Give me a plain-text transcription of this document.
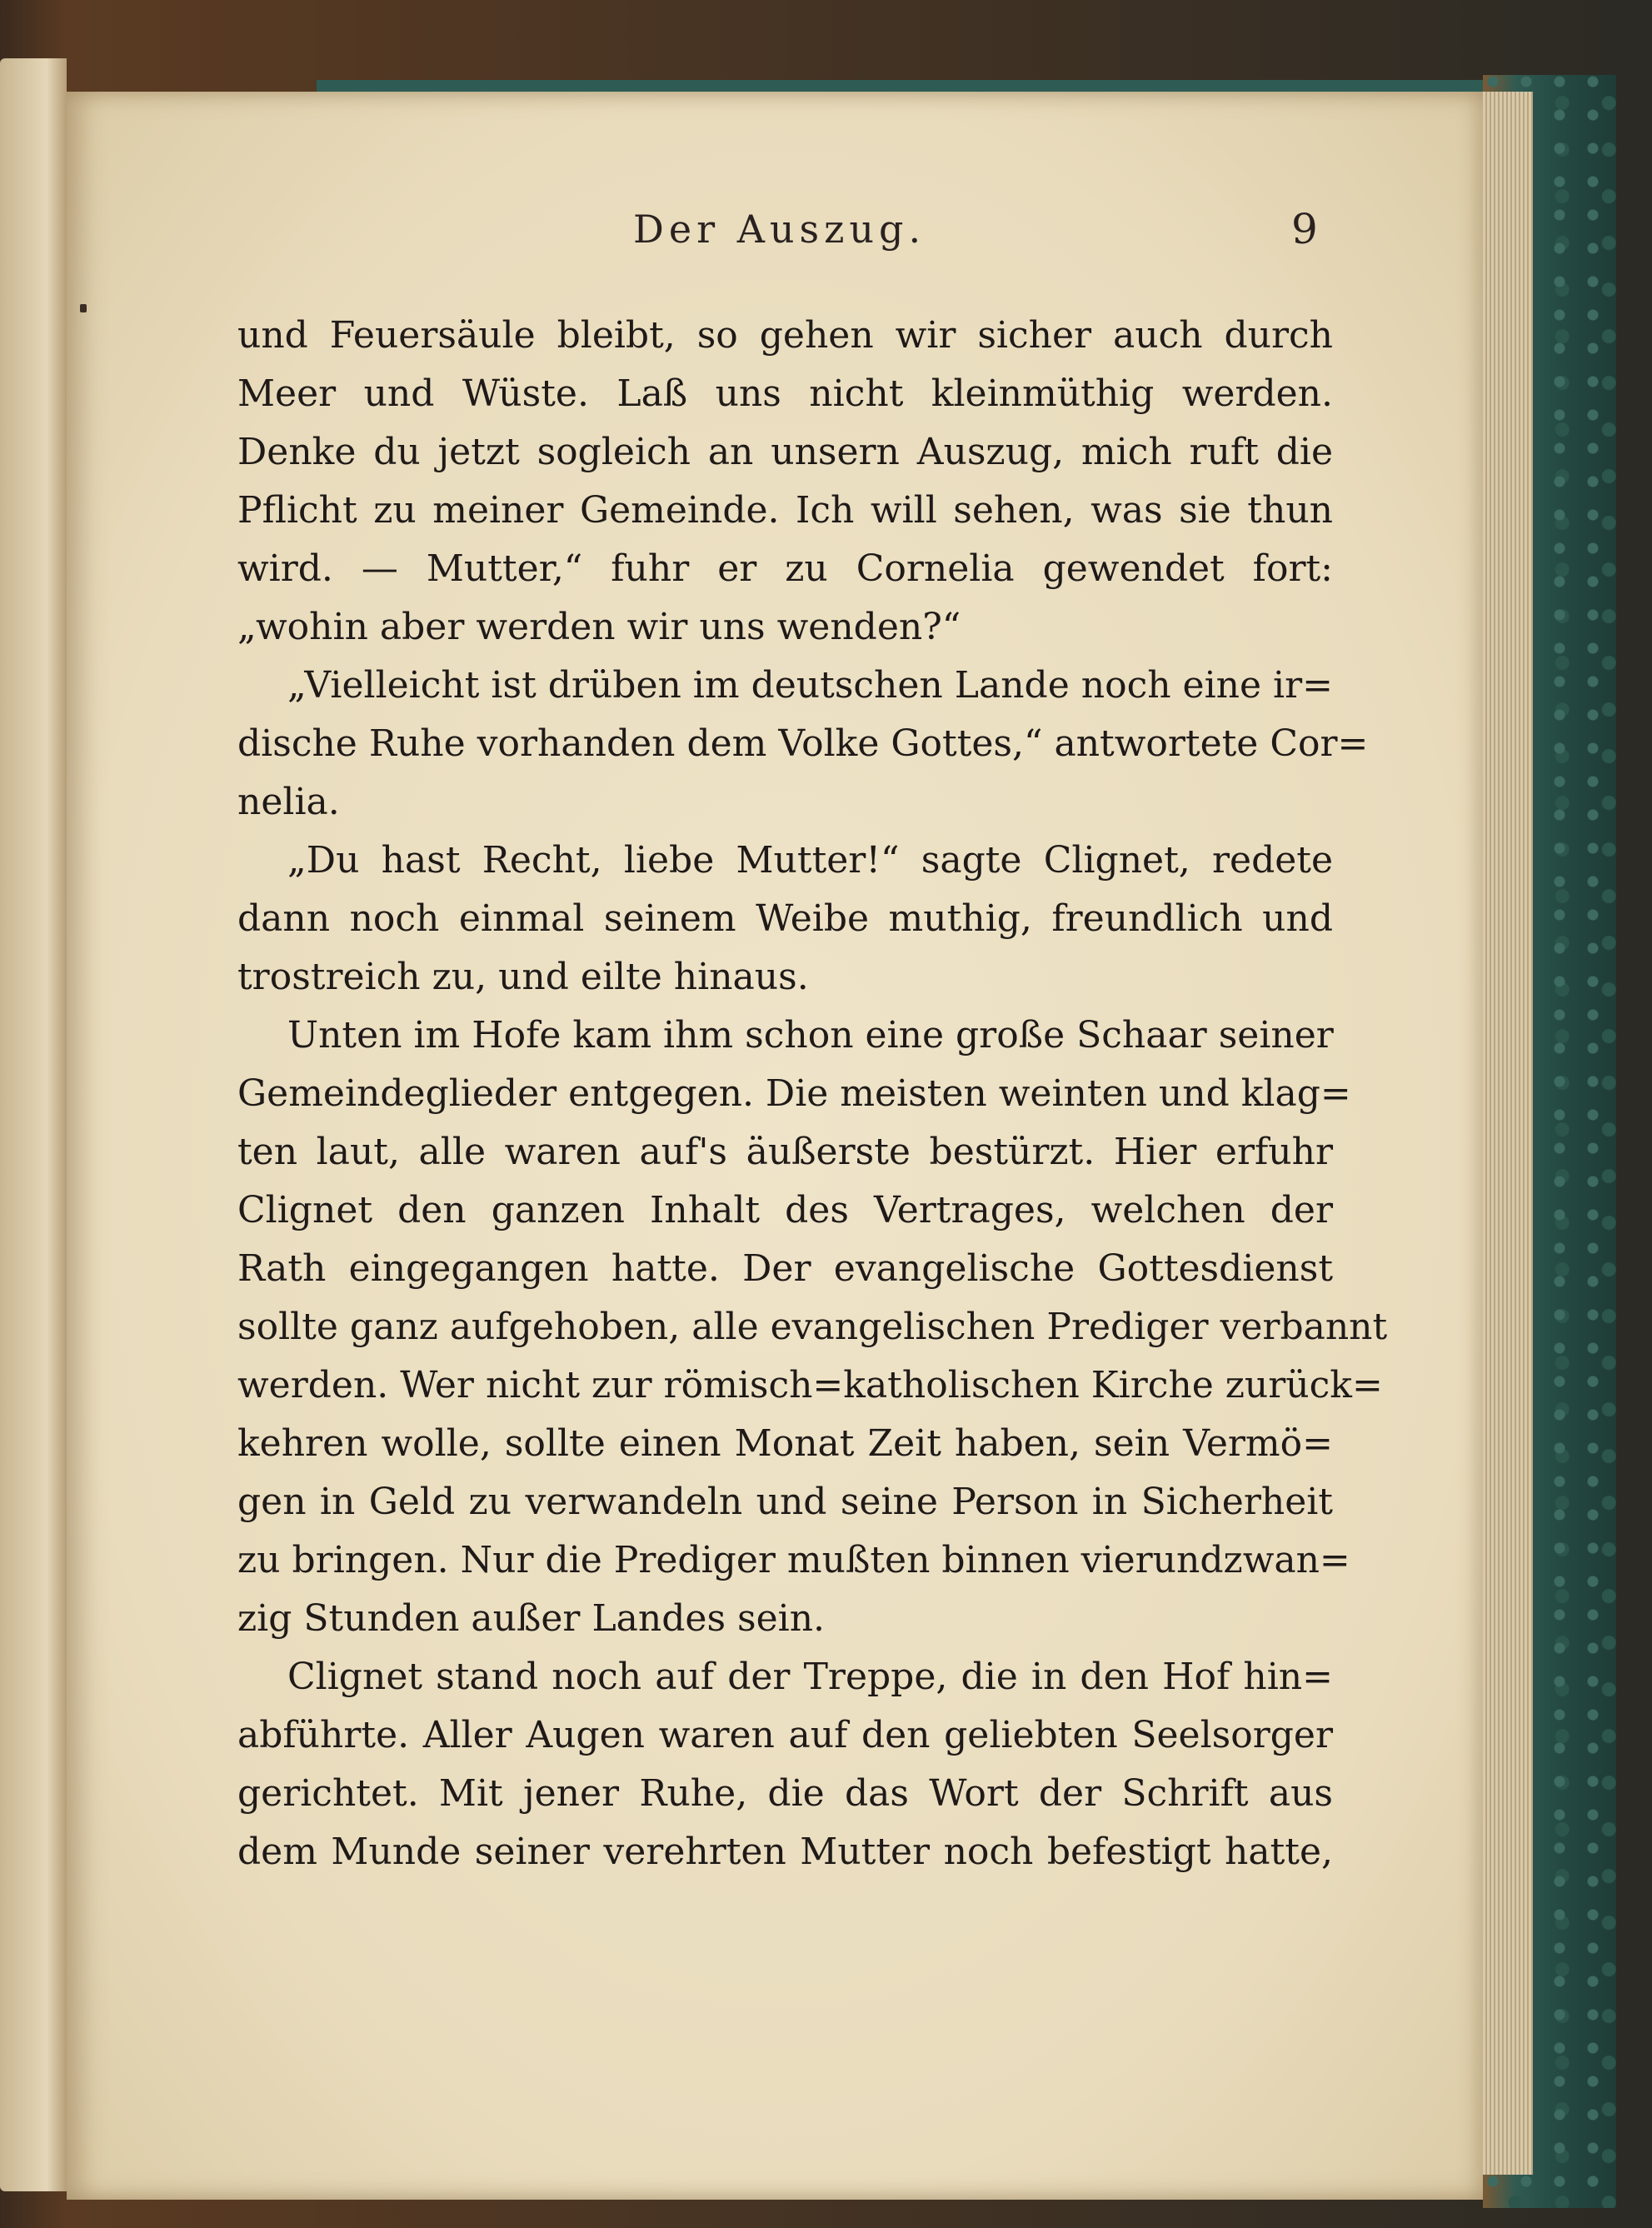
Der Auszug.	9
und Feuersäule bleibt, so gehen wir sicher auch durch
Meer und Wüste. Laß uns nicht kleinmüthig werden.
Denke du jetzt sogleich an unsern Auszug, mich ruft die
Pflicht zu meiner Gemeinde. Ich will sehen, was sie thun
wird. — Mutter,“ fuhr er zu Cornelia gewendet fort:
„wohin aber werden wir uns wenden?“
„Vielleicht ist drüben im deutschen Lande noch eine ir=
dische Ruhe vorhanden dem Volke Gottes,“ antwortete Cor=
nelia.
„Du hast Recht, liebe Mutter!“ sagte Clignet, redete
dann noch einmal seinem Weibe muthig, freundlich und
trostreich zu, und eilte hinaus.
Unten im Hofe kam ihm schon eine große Schaar seiner
Gemeindeglieder entgegen. Die meisten weinten und klag=
ten laut, alle waren auf's äußerste bestürzt. Hier erfuhr
Clignet den ganzen Inhalt des Vertrages, welchen der
Rath eingegangen hatte. Der evangelische Gottesdienst
sollte ganz aufgehoben, alle evangelischen Prediger verbannt
werden. Wer nicht zur römisch=katholischen Kirche zurück=
kehren wolle, sollte einen Monat Zeit haben, sein Vermö=
gen in Geld zu verwandeln und seine Person in Sicherheit
zu bringen. Nur die Prediger mußten binnen vierundzwan=
zig Stunden außer Landes sein.
Clignet stand noch auf der Treppe, die in den Hof hin=
abführte. Aller Augen waren auf den geliebten Seelsorger
gerichtet. Mit jener Ruhe, die das Wort der Schrift aus
dem Munde seiner verehrten Mutter noch befestigt hatte,
